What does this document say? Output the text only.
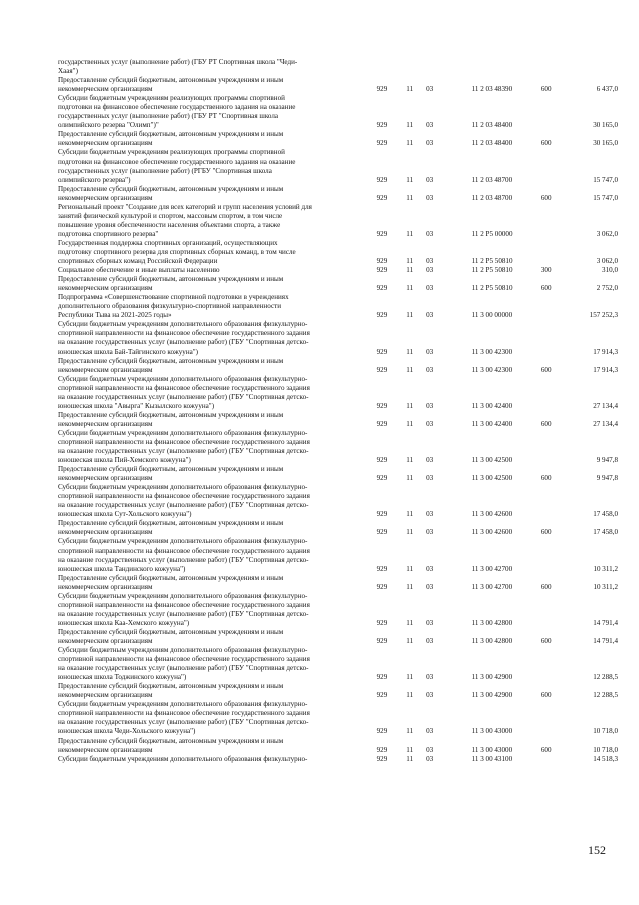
государственных услуг (выполнение работ) (ГБУ РТ Спортивная школа "Чеди-
Хаая")
Предоставление субсидий бюджетным, автономным учреждениям и иным
некоммерческим организациям	929	11	03	11 2 03 48390	600	6 437,0
Субсидии бюджетным учреждениям реализующих программы спортивной
подготовки на финансовое обеспечение государственного задания на оказание
государственных услуг (выполнение работ) (ГБУ РТ "Спортивная школа
олимпийского резерва "Олимп")"	929	11	03	11 2 03 48400	30 165,0
Предоставление субсидий бюджетным, автономным учреждениям и иным
некоммерческим организациям	929	11	03	11 2 03 48400	600	30 165,0
Субсидии бюджетным учреждениям реализующих программы спортивной
подготовки на финансовое обеспечение государственного задания на оказание
государственных услуг (выполнение работ) (РГБУ "Спортивная школа
олимпийского резерва")	929	11	03	11 2 03 48700	15 747,0
Предоставление субсидий бюджетным, автономным учреждениям и иным
некоммерческим организациям	929	11	03	11 2 03 48700	600	15 747,0
Региональный проект "Создание для всех категорий и групп населения условий для
занятий физической культурой и спортом, массовым спортом, в том числе
повышение уровня обеспеченности населения объектами спорта, а также
подготовка спортивного резерва"	929	11	03	11 2 P5 00000	3 062,0
Государственная поддержка спортивных организаций, осуществляющих
подготовку спортивного резерва для спортивных сборных команд, в том числе
спортивных сборных команд Российской Федерации	929	11	03	11 2 P5 50810	3 062,0
Социальное обеспечение и иные выплаты населению	929	11	03	11 2 P5 50810	300	310,0
Предоставление субсидий бюджетным, автономным учреждениям и иным
некоммерческим организациям	929	11	03	11 2 P5 50810	600	2 752,0
Подпрограмма «Совершенствование спортивной подготовки в учреждениях
дополнительного образования физкультурно-спортивной направленности
Республики Тыва на 2021-2025 годы»	929	11	03	11 3 00 00000	157 252,3
Субсидии бюджетным учреждениям дополнительного образования физкультурно-
спортивной направленности на финансовое обеспечение государственного задания
на оказание государственных услуг (выполнение работ) (ГБУ "Спортивная детско-
юношеская школа Бай-Тайгинского кожууна")	929	11	03	11 3 00 42300	17 914,3
Предоставление субсидий бюджетным, автономным учреждениям и иным
некоммерческим организациям	929	11	03	11 3 00 42300	600	17 914,3
Субсидии бюджетным учреждениям дополнительного образования физкультурно-
спортивной направленности на финансовое обеспечение государственного задания
на оказание государственных услуг (выполнение работ) (ГБУ "Спортивная детско-
юношеская школа "Авырга" Кызылского кожууна")	929	11	03	11 3 00 42400	27 134,4
Предоставление субсидий бюджетным, автономным учреждениям и иным
некоммерческим организациям	929	11	03	11 3 00 42400	600	27 134,4
Субсидии бюджетным учреждениям дополнительного образования физкультурно-
спортивной направленности на финансовое обеспечение государственного задания
на оказание государственных услуг (выполнение работ) (ГБУ "Спортивная детско-
юношеская школа Пий-Хемского кожууна")	929	11	03	11 3 00 42500	9 947,8
Предоставление субсидий бюджетным, автономным учреждениям и иным
некоммерческим организациям	929	11	03	11 3 00 42500	600	9 947,8
Субсидии бюджетным учреждениям дополнительного образования физкультурно-
спортивной направленности на финансовое обеспечение государственного задания
на оказание государственных услуг (выполнение работ) (ГБУ "Спортивная детско-
юношеская школа Сут-Хольского кожууна")	929	11	03	11 3 00 42600	17 458,0
Предоставление субсидий бюджетным, автономным учреждениям и иным
некоммерческим организациям	929	11	03	11 3 00 42600	600	17 458,0
Субсидии бюджетным учреждениям дополнительного образования физкультурно-
спортивной направленности на финансовое обеспечение государственного задания
на оказание государственных услуг (выполнение работ) (ГБУ "Спортивная детско-
юношеская школа Тандинского кожууна")	929	11	03	11 3 00 42700	10 311,2
Предоставление субсидий бюджетным, автономным учреждениям и иным
некоммерческим организациям	929	11	03	11 3 00 42700	600	10 311,2
Субсидии бюджетным учреждениям дополнительного образования физкультурно-
спортивной направленности на финансовое обеспечение государственного задания
на оказание государственных услуг (выполнение работ) (ГБУ "Спортивная детско-
юношеская школа Каа-Хемского кожууна")	929	11	03	11 3 00 42800	14 791,4
Предоставление субсидий бюджетным, автономным учреждениям и иным
некоммерческим организациям	929	11	03	11 3 00 42800	600	14 791,4
Субсидии бюджетным учреждениям дополнительного образования физкультурно-
спортивной направленности на финансовое обеспечение государственного задания
на оказание государственных услуг (выполнение работ) (ГБУ "Спортивная детско-
юношеская школа Тоджинского кожууна")	929	11	03	11 3 00 42900	12 288,5
Предоставление субсидий бюджетным, автономным учреждениям и иным
некоммерческим организациям	929	11	03	11 3 00 42900	600	12 288,5
Субсидии бюджетным учреждениям дополнительного образования физкультурно-
спортивной направленности на финансовое обеспечение государственного задания
на оказание государственных услуг (выполнение работ) (ГБУ "Спортивная детско-
юношеская школа Чеди-Хольского кожууна")	929	11	03	11 3 00 43000	10 718,0
Предоставление субсидий бюджетным, автономным учреждениям и иным
некоммерческим организациям	929	11	03	11 3 00 43000	600	10 718,0
Субсидии бюджетным учреждениям дополнительного образования физкультурно-	929	11	03	11 3 00 43100	14 518,3
152
